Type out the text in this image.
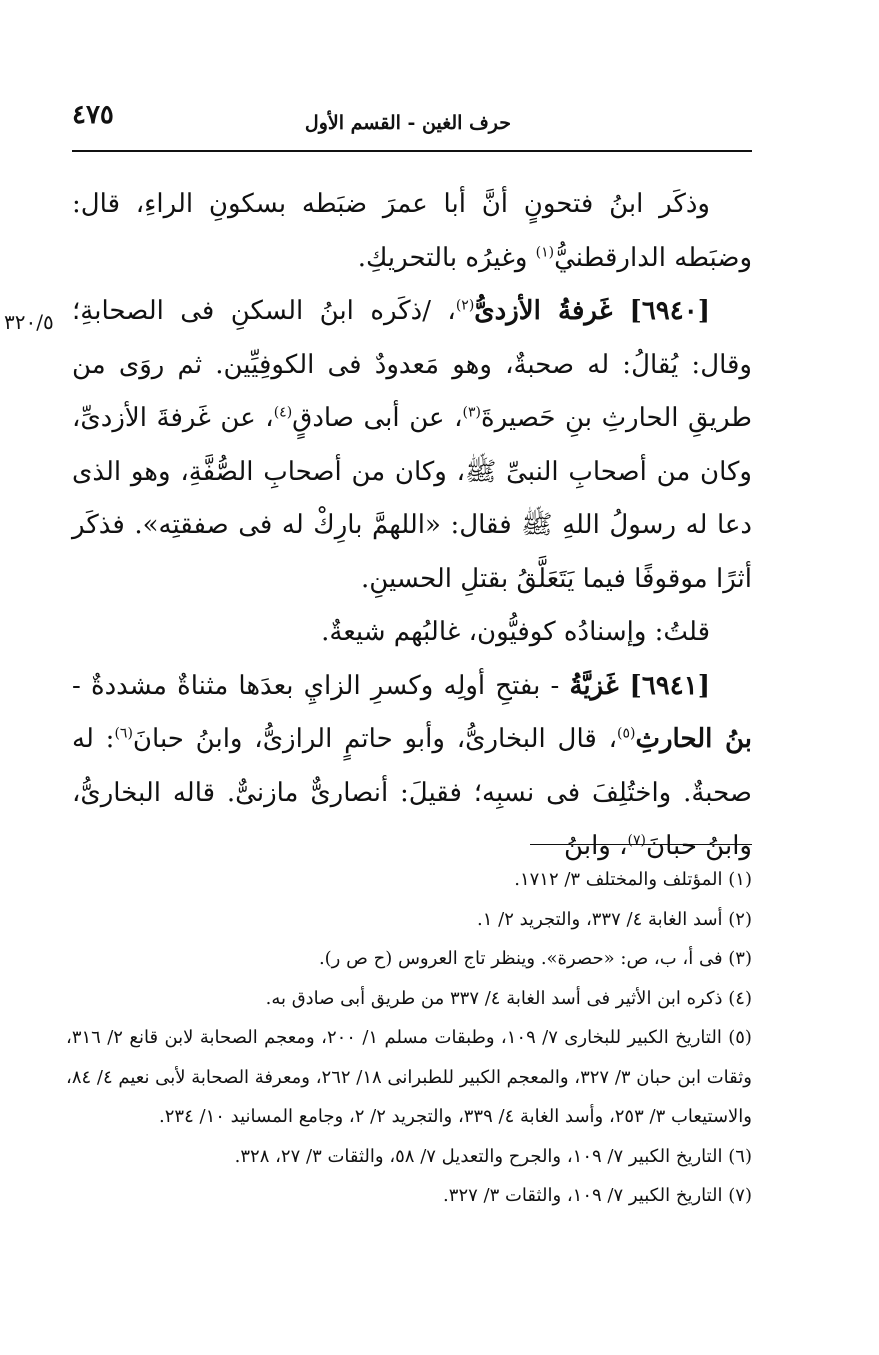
٤٧٥	حرف الغين - القسم الأول
٣٢٠/٥

وذكَر ابنُ فتحونٍ أنَّ أبا عمرَ ضبَطه بسكونِ الراءِ، قال: وضبَطه الدارقطنيُّ$^{(١)}$ وغيرُه بالتحريكِ.

[٦٩٤٠] غَرفةُ الأزدىُّ$^{(٢)}$، /ذكَره ابنُ السكنِ فى الصحابةِ؛ وقال: يُقالُ: له صحبةٌ، وهو مَعدودٌ فى الكوفِيِّين. ثم روَى من طريقِ الحارثِ بنِ حَصيرةَ$^{(٣)}$، عن أبى صادقٍ$^{(٤)}$، عن غَرفةَ الأزدىِّ، وكان من أصحابِ النبىِّ ﷺ، وكان من أصحابِ الصُّفَّةِ، وهو الذى دعا له رسولُ اللهِ ﷺ فقال: «اللهمَّ بارِكْ له فى صفقتِه». فذكَر أثرًا موقوفًا فيما يَتَعَلَّقُ بقتلِ الحسينِ.

قلتُ: وإسنادُه كوفيُّون، غالبُهم شيعةٌ.

[٦٩٤١] غَزيَّةُ - بفتحِ أولِه وكسرِ الزايِ بعدَها مثناةٌ مشددةٌ - بنُ الحارثِ$^{(٥)}$، قال البخارىُّ، وأبو حاتمٍ الرازىُّ، وابنُ حبانَ$^{(٦)}$: له صحبةٌ. واختُلِفَ فى نسبِه؛ فقيلَ: أنصارىٌّ مازنىٌّ. قاله البخارىُّ، وابنُ حبانَ$^{(٧)}$، وابنُ

(١) المؤتلف والمختلف ٣/ ١٧١٢.

(٢) أسد الغابة ٤/ ٣٣٧، والتجريد ٢/ ١.

(٣) فى أ، ب، ص: «حصرة». وينظر تاج العروس (ح ص ر).

(٤) ذكره ابن الأثير فى أسد الغابة ٤/ ٣٣٧ من طريق أبى صادق به.

(٥) التاريخ الكبير للبخارى ٧/ ١٠٩، وطبقات مسلم ١/ ٢٠٠، ومعجم الصحابة لابن قانع ٢/ ٣١٦، وثقات ابن حبان ٣/ ٣٢٧، والمعجم الكبير للطبرانى ١٨/ ٢٦٢، ومعرفة الصحابة لأبى نعيم ٤/ ٨٤، والاستيعاب ٣/ ٢٥٣، وأسد الغابة ٤/ ٣٣٩، والتجريد ٢/ ٢، وجامع المسانيد ١٠/ ٢٣٤.

(٦) التاريخ الكبير ٧/ ١٠٩، والجرح والتعديل ٧/ ٥٨، والثقات ٣/ ٢٧، ٣٢٨.

(٧) التاريخ الكبير ٧/ ١٠٩، والثقات ٣/ ٣٢٧.
